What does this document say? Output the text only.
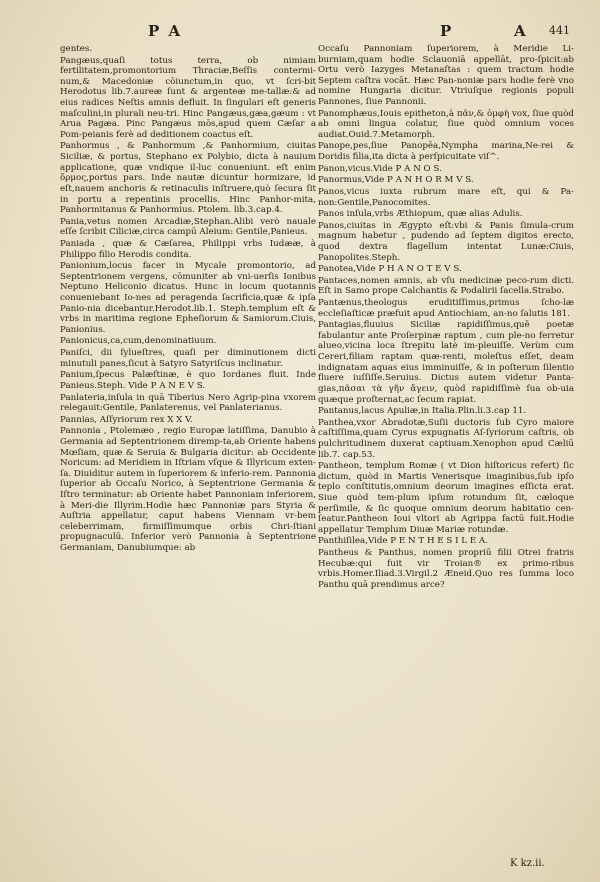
P A	P	A 441

gentes.

Pangæus,quaſi totus terra, ob nimiam fertilitatem,promontorium Thraciæ,Beſſis contermi-num,& Macedoniæ cōiunctum,in quo, vt ſcri-bit Herodotus lib.7.aureæ ſunt & argenteæ me-tallæ:& ad eius radices Neſtis amnis defluit. In ſingulari eſt generis maſculini,in plurali neu-tri. Hinc Pangæus,gæa,gæum : vt Arua Pagæa. Pinc Pangæus mōs,apud quem Cæſar a Pom-peianis ferè ad deditionem coactus eſt.

Panhormus , & Panhormum ,& Panhormium, ciuitas Siciliæ, & portus, Stephano ex Polybio, dicta à nauium applicatione, quæ vndique il-luc conueniunt. eſt enim ὅρμος,portus pars. Inde nautæ dicuntur hormizare, id eſt,nauem anchoris & retinaculis inſtruere,quò ſecura ſit in portu a repentinis procellis. Hinc Panhor-mita, Panhormitanus & Panhormius. Ptolem. lib.3.cap.4.

Pania,vetus nomen Arcadiæ,Stephan.Alibi verò nauale eſſe ſcribit Ciliciæ,circa campū Aleium: Gentile,Panieus.

Paniada , quæ & Cæſarea, Philippi vrbs Iudææ, à Philippo filio Herodis condita.

Panionium,locus facer in Mycale promontorio, ad Septentrionem vergens, cōmuniter ab vni-uerſis Ionibus Neptuno Heliconio dicatus. Hunc in locum quotannis conueniebant Io-nes ad peragenda ſacrificia,quæ & ipſa Panio-nia dicebantur.Herodot.lib.1. Steph.templum eſt & vrbs in maritima regione Epheſiorum & Samiorum.Ciuis, Panionius.

Panionicus,ca,cum,denominatiuum.

Paniſci, dii ſylueſtres, quaſi per diminutionem dicti minutuli panes,ſicut à Satyro Satyriſcus inclinatur.

Panium,ſpecus Palæſtinæ, è quo Iordanes fluit. Inde Panieus.Steph. Vide P A N E V S.

Panlateria,inſula in quā Tiberius Nero Agrip-pina vxorem relegauit:Gentile, Panlaterenus, vel Panlaterianus.

Pannias, Aſſyriorum rex X X V.

Pannonia , Ptolemæo , regio Europæ latiſſima, Danubio à Germania ad Septentrionem diremp-ta,ab Oriente habens Mœſiam, quæ & Seruia & Bulgaria dicitur: ab Occidente Noricum: ad Meridiem in Iſtriam vſque & Illyricum exten-ſa. Diuiditur autem in ſuperiorem & inferio-rem. Pannonia ſuperior ab Occaſu Norico, à Septentrione Germania & Iſtro terminatur: ab Oriente habet Pannoniam inferiorem, à Meri-die Illyrim.Hodie hæc Pannoniæ pars Styria & Auſtria appellatur, caput habens Viennam vr-bem celeberrimam, firmiſſimumque orbis Chri-ſtiani propugnaculū. Inferior verò Pannonia à Septentrione Germaniam, Danubiumque: ab

Occaſu Pannoniam ſuperiorem, à Meridie Li-burniam,quam hodie Sclauoniā appellāt, pro-ſpicit:ab Ortu verò Iazyges Metanaſtas : quem tractum hodie Septem caſtra vocāt. Hæc Pan-noniæ pars hodie ferè vno nomine Hungaria dicitur. Vtriuſque regionis populi Pannones, ſiue Pannonii.

Panomphæus,Iouis epitheton,à πᾶν,& ὀμφὴ vox, ſiue quòd ab omni lingua colatur, ſiue quòd omnium voces audiat.Ouid.7.Metamorph.

Panope,pes,ſiue Panopēa,Nympha marina,Ne-rei & Doridis filia,ita dicta à perſpicuitate viſ^.

Panon,vicus.Vide P A N O S.

Panormus,Vide P A N H O R M V S.

Panos,vicus iuxta rubrum mare eſt, qui & Pa-non:Gentile,Panocomites.

Panos inſula,vrbs Æthiopum, quæ alias Adulis.

Panos,ciuitas in Ægypto eſt:vbi & Panis ſimula-crum magnum habetur , pudendo ad ſeptem digitos erecto, quod dextra flagellum intentat Lunæ:Ciuis, Panopolites.Steph.

Panotea,Vide P H A N O T E V S.

Pantaces,nomen amnis, ab vſu medicinæ peco-rum dicti. Eſt in Samo prope Calchantis & Podalirii ſacella.Strabo.

Pantænus,theologus eruditiſſimus,primus ſcho-læ eccleſiaſticæ præfuit apud Antiochiam, an-no ſalutis 181.

Pantagias,fluuius Siciliæ rapidiſſimus,quē poetæ fabulantur ante Proſerpinæ raptum , cum ple-no ferretur alueo,vicina loca ſtrepitu latè im-pleuiſſe. Verùm cum Cereri,filiam raptam quæ-renti, moleſtus eſſet, deam indignatam aquas eius imminuiſſe, & in poſterum ſilentio fluere iuſſiſſe.Seruius. Dictus autem videtur Panta-gias,πᾶσαι τὰ γῆν ἄγειν, quòd rapidiſſimè ſua ob-uia quæque proſternat,ac ſecum rapiat.

Pantanus,lacus Apuliæ,in Italia.Plin.li.3.cap 11.

Panthea,vxor Abradotæ,Suſii ductoris ſub Cyro maiore caſtiſſima,quam Cyrus expugnatis Aſ-ſyriorum caſtris, ob pulchritudinem duxerat captiuam.Xenophon apud Cæliū lib.7. cap.53.

Pantheon, templum Romæ ( vt Dion hiſtoricus refert) ſic dictum, quòd in Martis Venerisque imaginibus,ſub ipſo teplo conſtitutis,omnium deorum imagines eſſicta erat. Siue quòd tem-plum ipſum rotundum ſit, cæloque perſimile, & ſic quoque omnium deorum habitatio cen-ſeatur.Pantheon Ioui vltori ab Agrippa factū fuit.Hodie appellatur Templum Diuæ Mariæ rotundæ.

Panthiſilea,Vide P E N T H E S I L E A.

Pantheus & Panthus, nomen propriū filii Otrei fratris Hecubæ:qui fuit vir Troian® ex primo-ribus vrbis.Homer.Iliad.3.Virgil.2 Æneid.Quo res ſumma loco Panthu quā prendimus arce?

K kz.ii.
